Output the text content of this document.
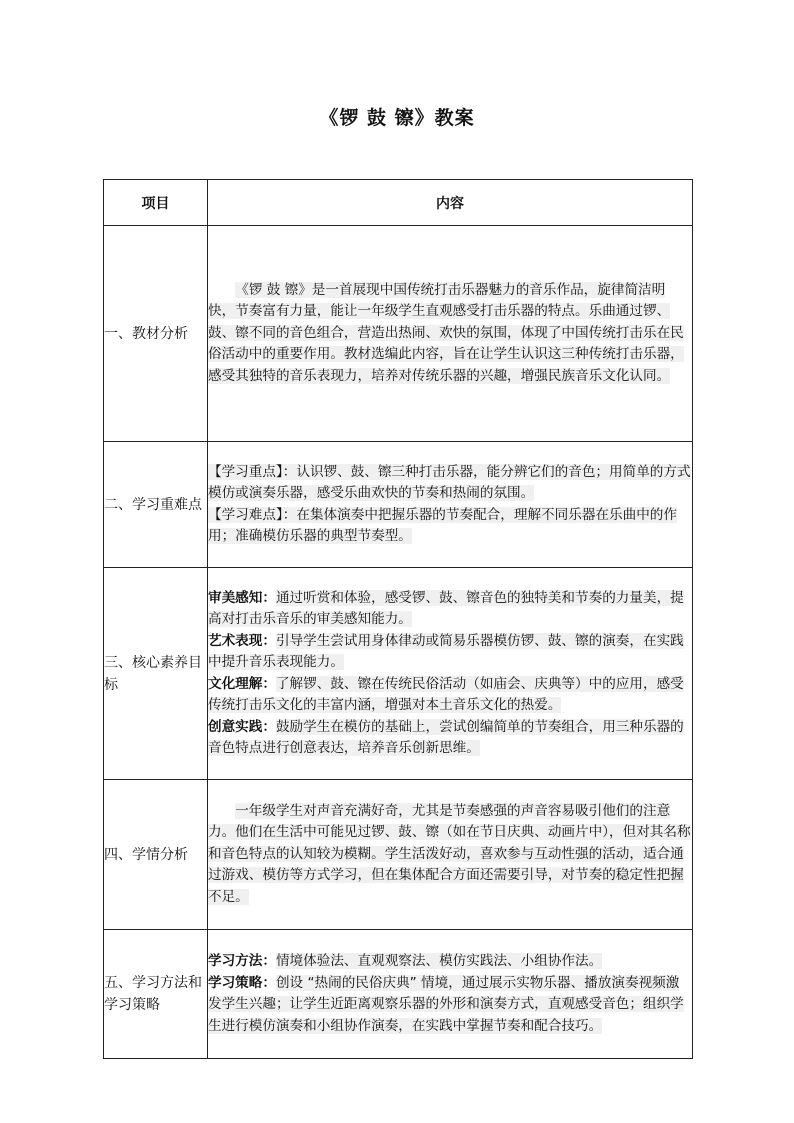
《锣 鼓 镲》教案
项目	内容
一、教材分析	《锣 鼓 镲》是一首展现中国传统打击乐器魅力的音乐作品，旋律简洁明快，节奏富有力量，能让一年级学生直观感受打击乐器的特点。乐曲通过锣、鼓、镲不同的音色组合，营造出热闹、欢快的氛围，体现了中国传统打击乐在民俗活动中的重要作用。教材选编此内容，旨在让学生认识这三种传统打击乐器，感受其独特的音乐表现力，培养对传统乐器的兴趣，增强民族音乐文化认同。

二、学习重难点	【学习重点】：认识锣、鼓、镲三种打击乐器，能分辨它们的音色；用简单的方式模仿或演奏乐器，感受乐曲欢快的节奏和热闹的氛围。

【学习难点】：在集体演奏中把握乐器的节奏配合，理解不同乐器在乐曲中的作用；准确模仿乐器的典型节奏型。

三、核心素养目标	审美感知：通过听赏和体验，感受锣、鼓、镲音色的独特美和节奏的力量美，提高对打击乐音乐的审美感知能力。

艺术表现：引导学生尝试用身体律动或简易乐器模仿锣、鼓、镲的演奏，在实践中提升音乐表现能力。

文化理解：了解锣、鼓、镲在传统民俗活动（如庙会、庆典等）中的应用，感受传统打击乐文化的丰富内涵，增强对本土音乐文化的热爱。

创意实践：鼓励学生在模仿的基础上，尝试创编简单的节奏组合，用三种乐器的音色特点进行创意表达，培养音乐创新思维。

四、学情分析	一年级学生对声音充满好奇，尤其是节奏感强的声音容易吸引他们的注意力。他们在生活中可能见过锣、鼓、镲（如在节日庆典、动画片中），但对其名称和音色特点的认知较为模糊。学生活泼好动，喜欢参与互动性强的活动，适合通过游戏、模仿等方式学习，但在集体配合方面还需要引导，对节奏的稳定性把握不足。

五、学习方法和学习策略	学习方法：情境体验法、直观观察法、模仿实践法、小组协作法。

学习策略：创设 “热闹的民俗庆典” 情境，通过展示实物乐器、播放演奏视频激发学生兴趣；让学生近距离观察乐器的外形和演奏方式，直观感受音色；组织学生进行模仿演奏和小组协作演奏，在实践中掌握节奏和配合技巧。
